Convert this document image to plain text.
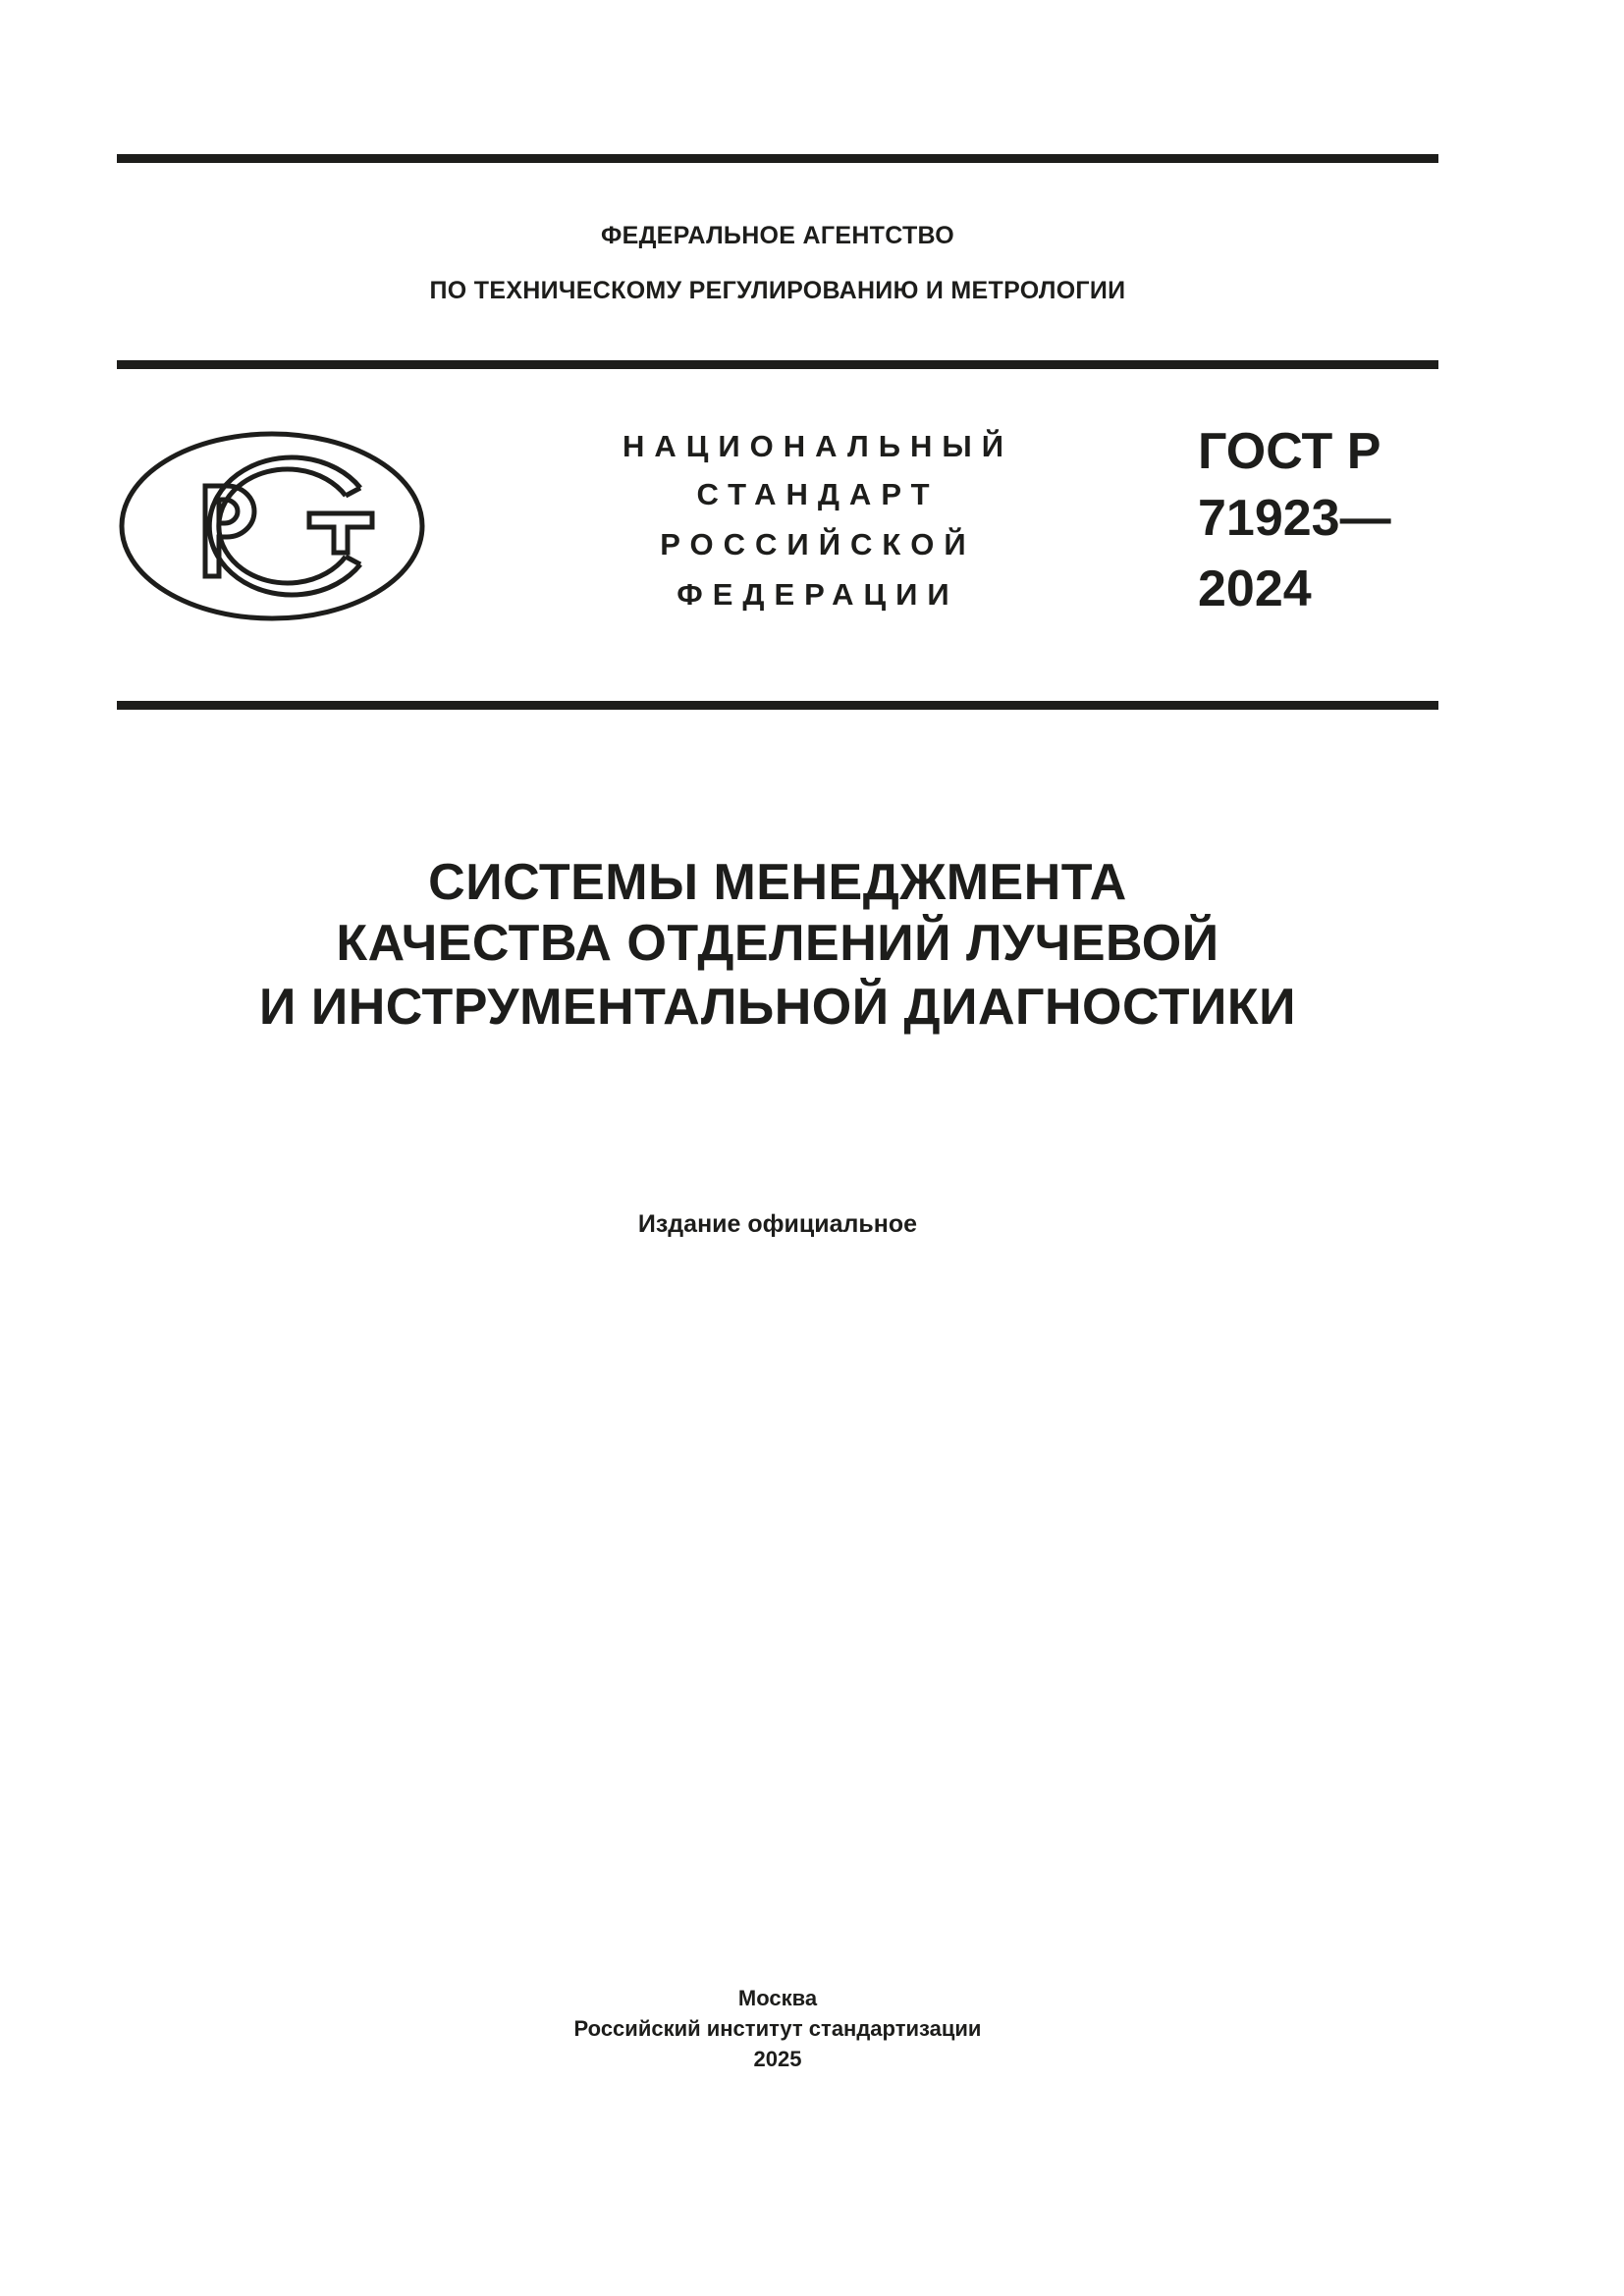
ФЕДЕРАЛЬНОЕ АГЕНТСТВО
ПО ТЕХНИЧЕСКОМУ РЕГУЛИРОВАНИЮ И МЕТРОЛОГИИ
НАЦИОНАЛЬНЫЙ
СТАНДАРТ
РОССИЙСКОЙ
ФЕДЕРАЦИИ
ГОСТ Р
71923—
2024
СИСТЕМЫ МЕНЕДЖМЕНТА
КАЧЕСТВА ОТДЕЛЕНИЙ ЛУЧЕВОЙ
И ИНСТРУМЕНТАЛЬНОЙ ДИАГНОСТИКИ
Издание официальное
Москва
Российский институт стандартизации
2025
